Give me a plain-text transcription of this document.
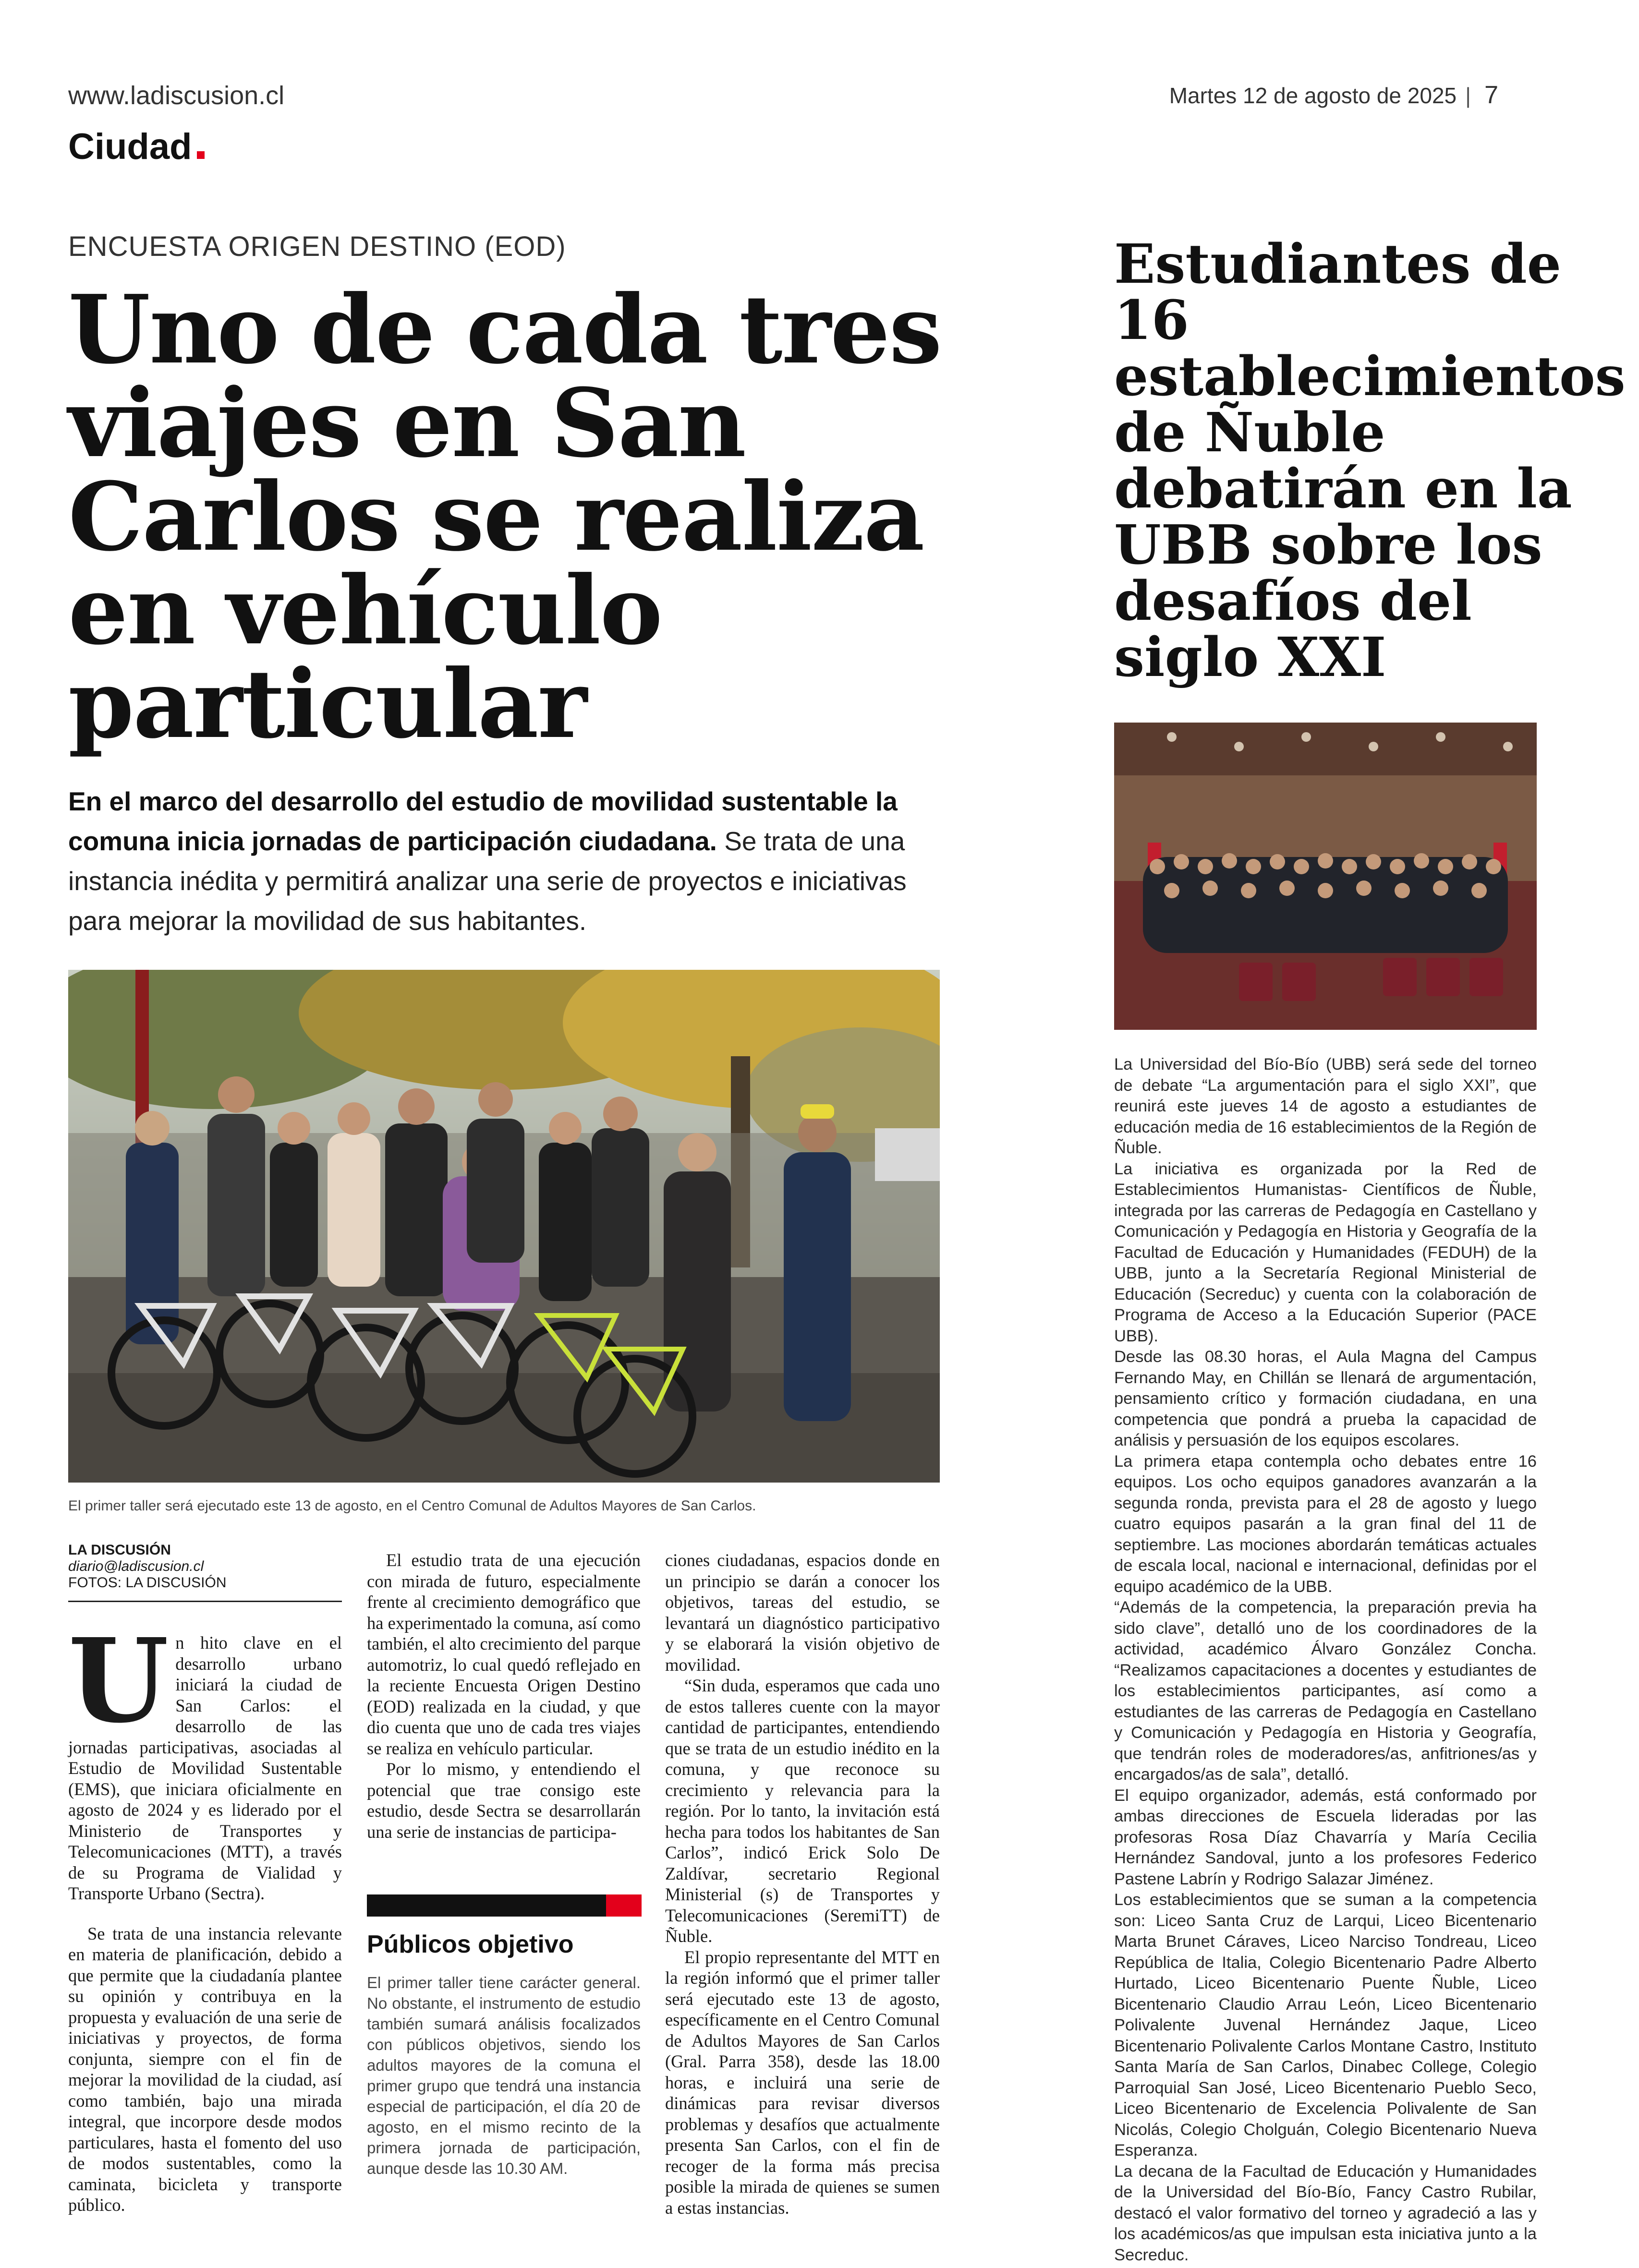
www.ladiscusion.cl	Martes 12 de agosto de 2025 | 7
Ciudad
ENCUESTA ORIGEN DESTINO (EOD)
Uno de cada tres viajes en San Carlos se realiza en vehículo particular
En el marco del desarrollo del estudio de movilidad sustentable la comuna inicia jornadas de participación ciudadana. Se trata de una instancia inédita y permitirá analizar una serie de proyectos e iniciativas para mejorar la movilidad de sus habitantes.
El primer taller será ejecutado este 13 de agosto, en el Centro Comunal de Adultos Mayores de San Carlos.
LA DISCUSIÓN
diario@ladiscusion.cl
FOTOS: LA DISCUSIÓN

Un hito clave en el desarrollo urbano iniciará la ciudad de San Carlos: el desarrollo de las jornadas participativas, asociadas al Estudio de Movilidad Sustentable (EMS), que iniciara oficialmente en agosto de 2024 y es liderado por el Ministerio de Transportes y Telecomunicaciones (MTT), a través de su Programa de Vialidad y Transporte Urbano (Sectra).

Se trata de una instancia relevante en materia de planificación, debido a que permite que la ciudadanía plantee su opinión y contribuya en la propuesta y evaluación de una serie de iniciativas y proyectos, de forma conjunta, siempre con el fin de mejorar la movilidad de la ciudad, así como también, bajo una mirada integral, que incorpore desde modos particulares, hasta el fomento del uso de modos sustentables, como la caminata, bicicleta y transporte público.

El estudio trata de una ejecución con mirada de futuro, especialmente frente al crecimiento demográfico que ha experimentado la comuna, así como también, el alto crecimiento del parque automotriz, lo cual quedó reflejado en la reciente Encuesta Origen Destino (EOD) realizada en la ciudad, y que dio cuenta que uno de cada tres viajes se realiza en vehículo particular.

Por lo mismo, y entendiendo el potencial que trae consigo este estudio, desde Sectra se desarrollarán una serie de instancias de participa-

Públicos objetivo
El primer taller tiene carácter general. No obstante, el instrumento de estudio también sumará análisis focalizados con públicos objetivos, siendo los adultos mayores de la comuna el primer grupo que tendrá una instancia especial de participación, el día 20 de agosto, en el mismo recinto de la primera jornada de participación, aunque desde las 10.30 AM.

ciones ciudadanas, espacios donde en un principio se darán a conocer los objetivos, tareas del estudio, se levantará un diagnóstico participativo y se elaborará la visión objetivo de movilidad.

“Sin duda, esperamos que cada uno de estos talleres cuente con la mayor cantidad de participantes, entendiendo que se trata de un estudio inédito en la comuna, y que reconoce su crecimiento y relevancia para la región. Por lo tanto, la invitación está hecha para todos los habitantes de San Carlos”, indicó Erick Solo De Zaldívar, secretario Regional Ministerial (s) de Transportes y Telecomunicaciones (SeremiTT) de Ñuble.

El propio representante del MTT en la región informó que el primer taller será ejecutado este 13 de agosto, específicamente en el Centro Comunal de Adultos Mayores de San Carlos (Gral. Parra 358), desde las 18.00 horas, e incluirá una serie de dinámicas para revisar diversos problemas y desafíos que actualmente presenta San Carlos, con el fin de recoger de la forma más precisa posible la mirada de quienes se sumen a estas instancias.

Estudiantes de 16 establecimientos de Ñuble debatirán en la UBB sobre los desafíos del siglo XXI

La Universidad del Bío-Bío (UBB) será sede del torneo de debate “La argumentación para el siglo XXI”, que reunirá este jueves 14 de agosto a estudiantes de educación media de 16 establecimientos de la Región de Ñuble.

La iniciativa es organizada por la Red de Establecimientos Humanistas- Científicos de Ñuble, integrada por las carreras de Pedagogía en Castellano y Comunicación y Pedagogía en Historia y Geografía de la Facultad de Educación y Humanidades (FEDUH) de la UBB, junto a la Secretaría Regional Ministerial de Educación (Secreduc) y cuenta con la colaboración de Programa de Acceso a la Educación Superior (PACE UBB).

Desde las 08.30 horas, el Aula Magna del Campus Fernando May, en Chillán se llenará de argumentación, pensamiento crítico y formación ciudadana, en una competencia que pondrá a prueba la capacidad de análisis y persuasión de los equipos escolares.

La primera etapa contempla ocho debates entre 16 equipos. Los ocho equipos ganadores avanzarán a la segunda ronda, prevista para el 28 de agosto y luego cuatro equipos pasarán a la gran final del 11 de septiembre. Las mociones abordarán temáticas actuales de escala local, nacional e internacional, definidas por el equipo académico de la UBB.

“Además de la competencia, la preparación previa ha sido clave”, detalló uno de los coordinadores de la actividad, académico Álvaro González Concha. “Realizamos capacitaciones a docentes y estudiantes de los establecimientos participantes, así como a estudiantes de las carreras de Pedagogía en Castellano y Comunicación y Pedagogía en Historia y Geografía, que tendrán roles de moderadores/as, anfitriones/as y encargados/as de sala”, detalló.

El equipo organizador, además, está conformado por ambas direcciones de Escuela lideradas por las profesoras Rosa Díaz Chavarría y María Cecilia Hernández Sandoval, junto a los profesores Federico Pastene Labrín y Rodrigo Salazar Jiménez.

Los establecimientos que se suman a la competencia son: Liceo Santa Cruz de Larqui, Liceo Bicentenario Marta Brunet Cáraves, Liceo Narciso Tondreau, Liceo República de Italia, Colegio Bicentenario Padre Alberto Hurtado, Liceo Bicentenario Puente Ñuble, Liceo Bicentenario Claudio Arrau León, Liceo Bicentenario Polivalente Juvenal Hernández Jaque, Liceo Bicentenario Polivalente Carlos Montane Castro, Instituto Santa María de San Carlos, Dinabec College, Colegio Parroquial San José, Liceo Bicentenario Pueblo Seco, Liceo Bicentenario de Excelencia Polivalente de San Nicolás, Colegio Cholguán, Colegio Bicentenario Nueva Esperanza.

La decana de la Facultad de Educación y Humanidades de la Universidad del Bío-Bío, Fancy Castro Rubilar, destacó el valor formativo del torneo y agradeció a las y los académicos/as que impulsan esta iniciativa junto a la Secreduc.
